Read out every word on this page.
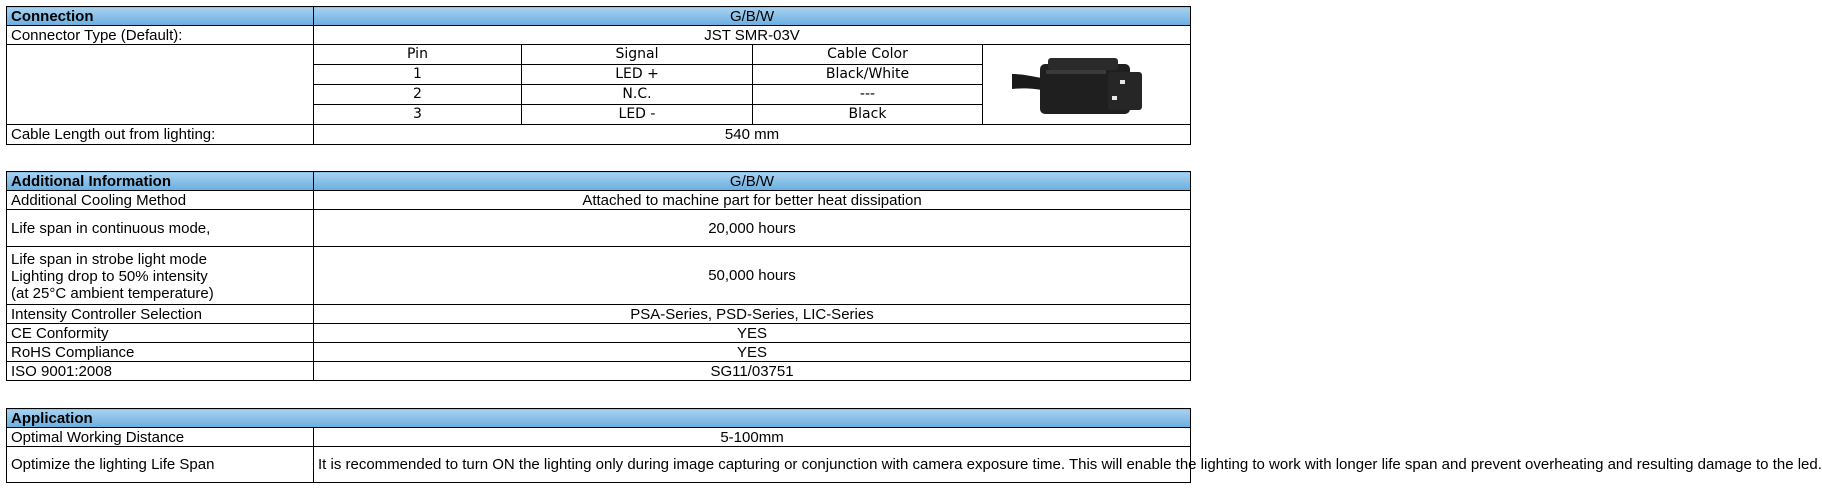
Connection	G/B/W			
Connector Type (Default):	JST SMR-03V			
	Pin	Signal	Cable Color	

	1	LED +	Black/White	
	2	N.C.	---	
	3	LED -	Black	
Cable Length out from lighting:	540 mm			
Additional Information	G/B/W
Additional Cooling Method	Attached to machine part for better heat dissipation
Life span in continuous mode,	20,000 hours

Life span in strobe light mode
Lighting drop to 50% intensity
(at 25°C ambient temperature)	50,000 hours
Intensity Controller Selection	PSA-Series, PSD-Series, LIC-Series
CE Conformity	YES
RoHS Compliance	YES
ISO 9001:2008	SG11/03751
Application	
Optimal Working Distance	5-100mm
Optimize the lighting Life Span	It is recommended to turn ON the lighting only during image capturing or conjunction with camera exposure time. This will enable the lighting to work with longer life span and prevent overheating and resulting damage to the led.
